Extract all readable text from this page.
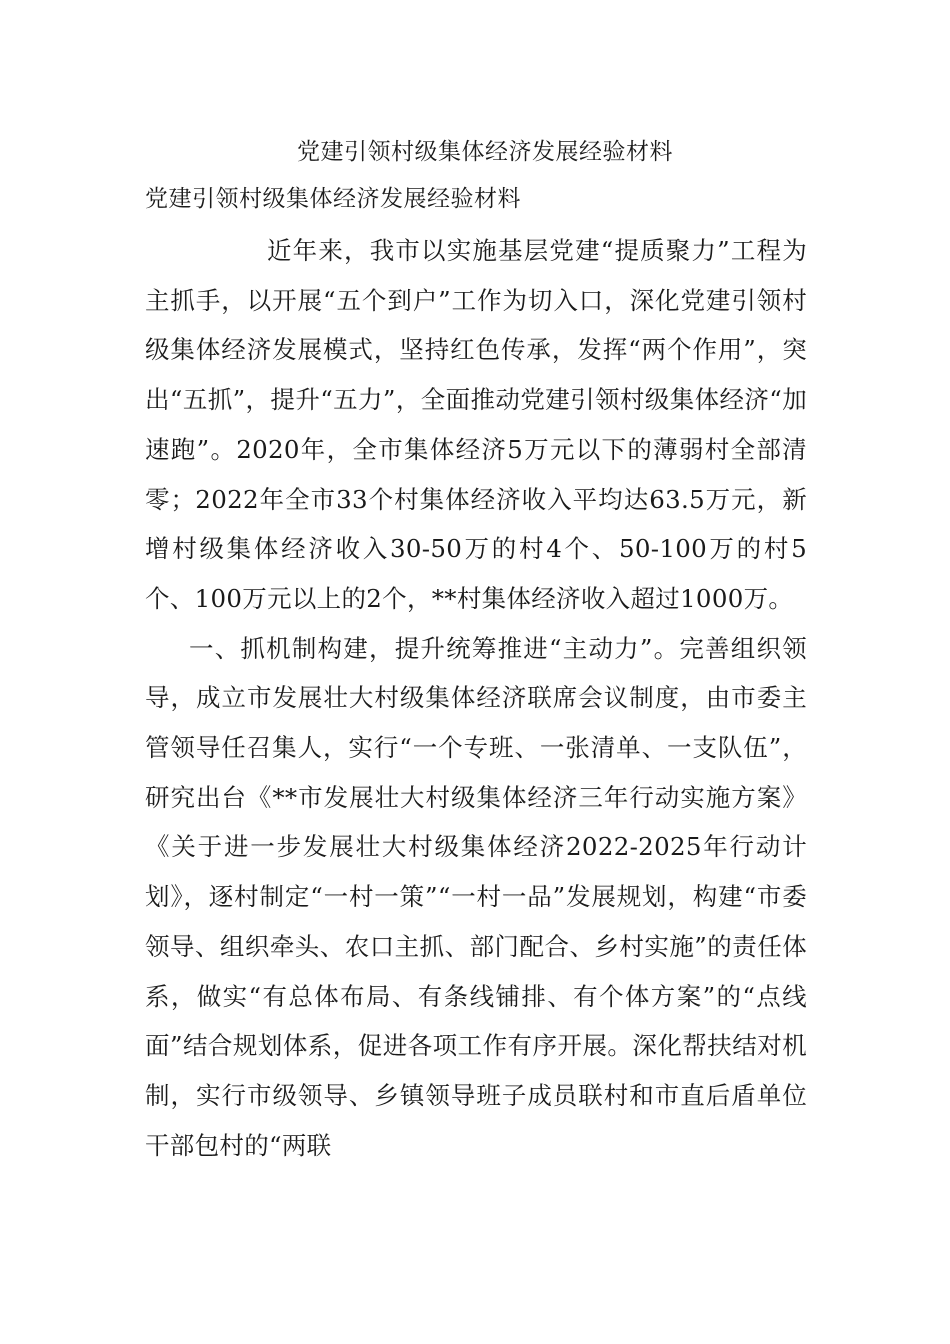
党建引领村级集体经济发展经验材料
党建引领村级集体经济发展经验材料

近年来，我市以实施基层党建“提质聚力”工程为主抓手，以开展“五个到户”工作为切入口，深化党建引领村级集体经济发展模式，坚持红色传承，发挥“两个作用”，突出“五抓”，提升“五力”，全面推动党建引领村级集体经济“加速跑”。2020年，全市集体经济5万元以下的薄弱村全部清零；2022年全市33个村集体经济收入平均达63.5万元，新增村级集体经济收入30-50万的村4个、50-100万的村5个、100万元以上的2个，**村集体经济收入超过1000万。

一、抓机制构建，提升统筹推进“主动力”。完善组织领导，成立市发展壮大村级集体经济联席会议制度，由市委主管领导任召集人，实行“一个专班、一张清单、一支队伍”，研究出台《**市发展壮大村级集体经济三年行动实施方案》《关于进一步发展壮大村级集体经济2022-2025年行动计划》，逐村制定“一村一策”“一村一品”发展规划，构建“市委领导、组织牵头、农口主抓、部门配合、乡村实施”的责任体系，做实“有总体布局、有条线铺排、有个体方案”的“点线面”结合规划体系，促进各项工作有序开展。深化帮扶结对机制，实行市级领导、乡镇领导班子成员联村和市直后盾单位干部包村的“两联
